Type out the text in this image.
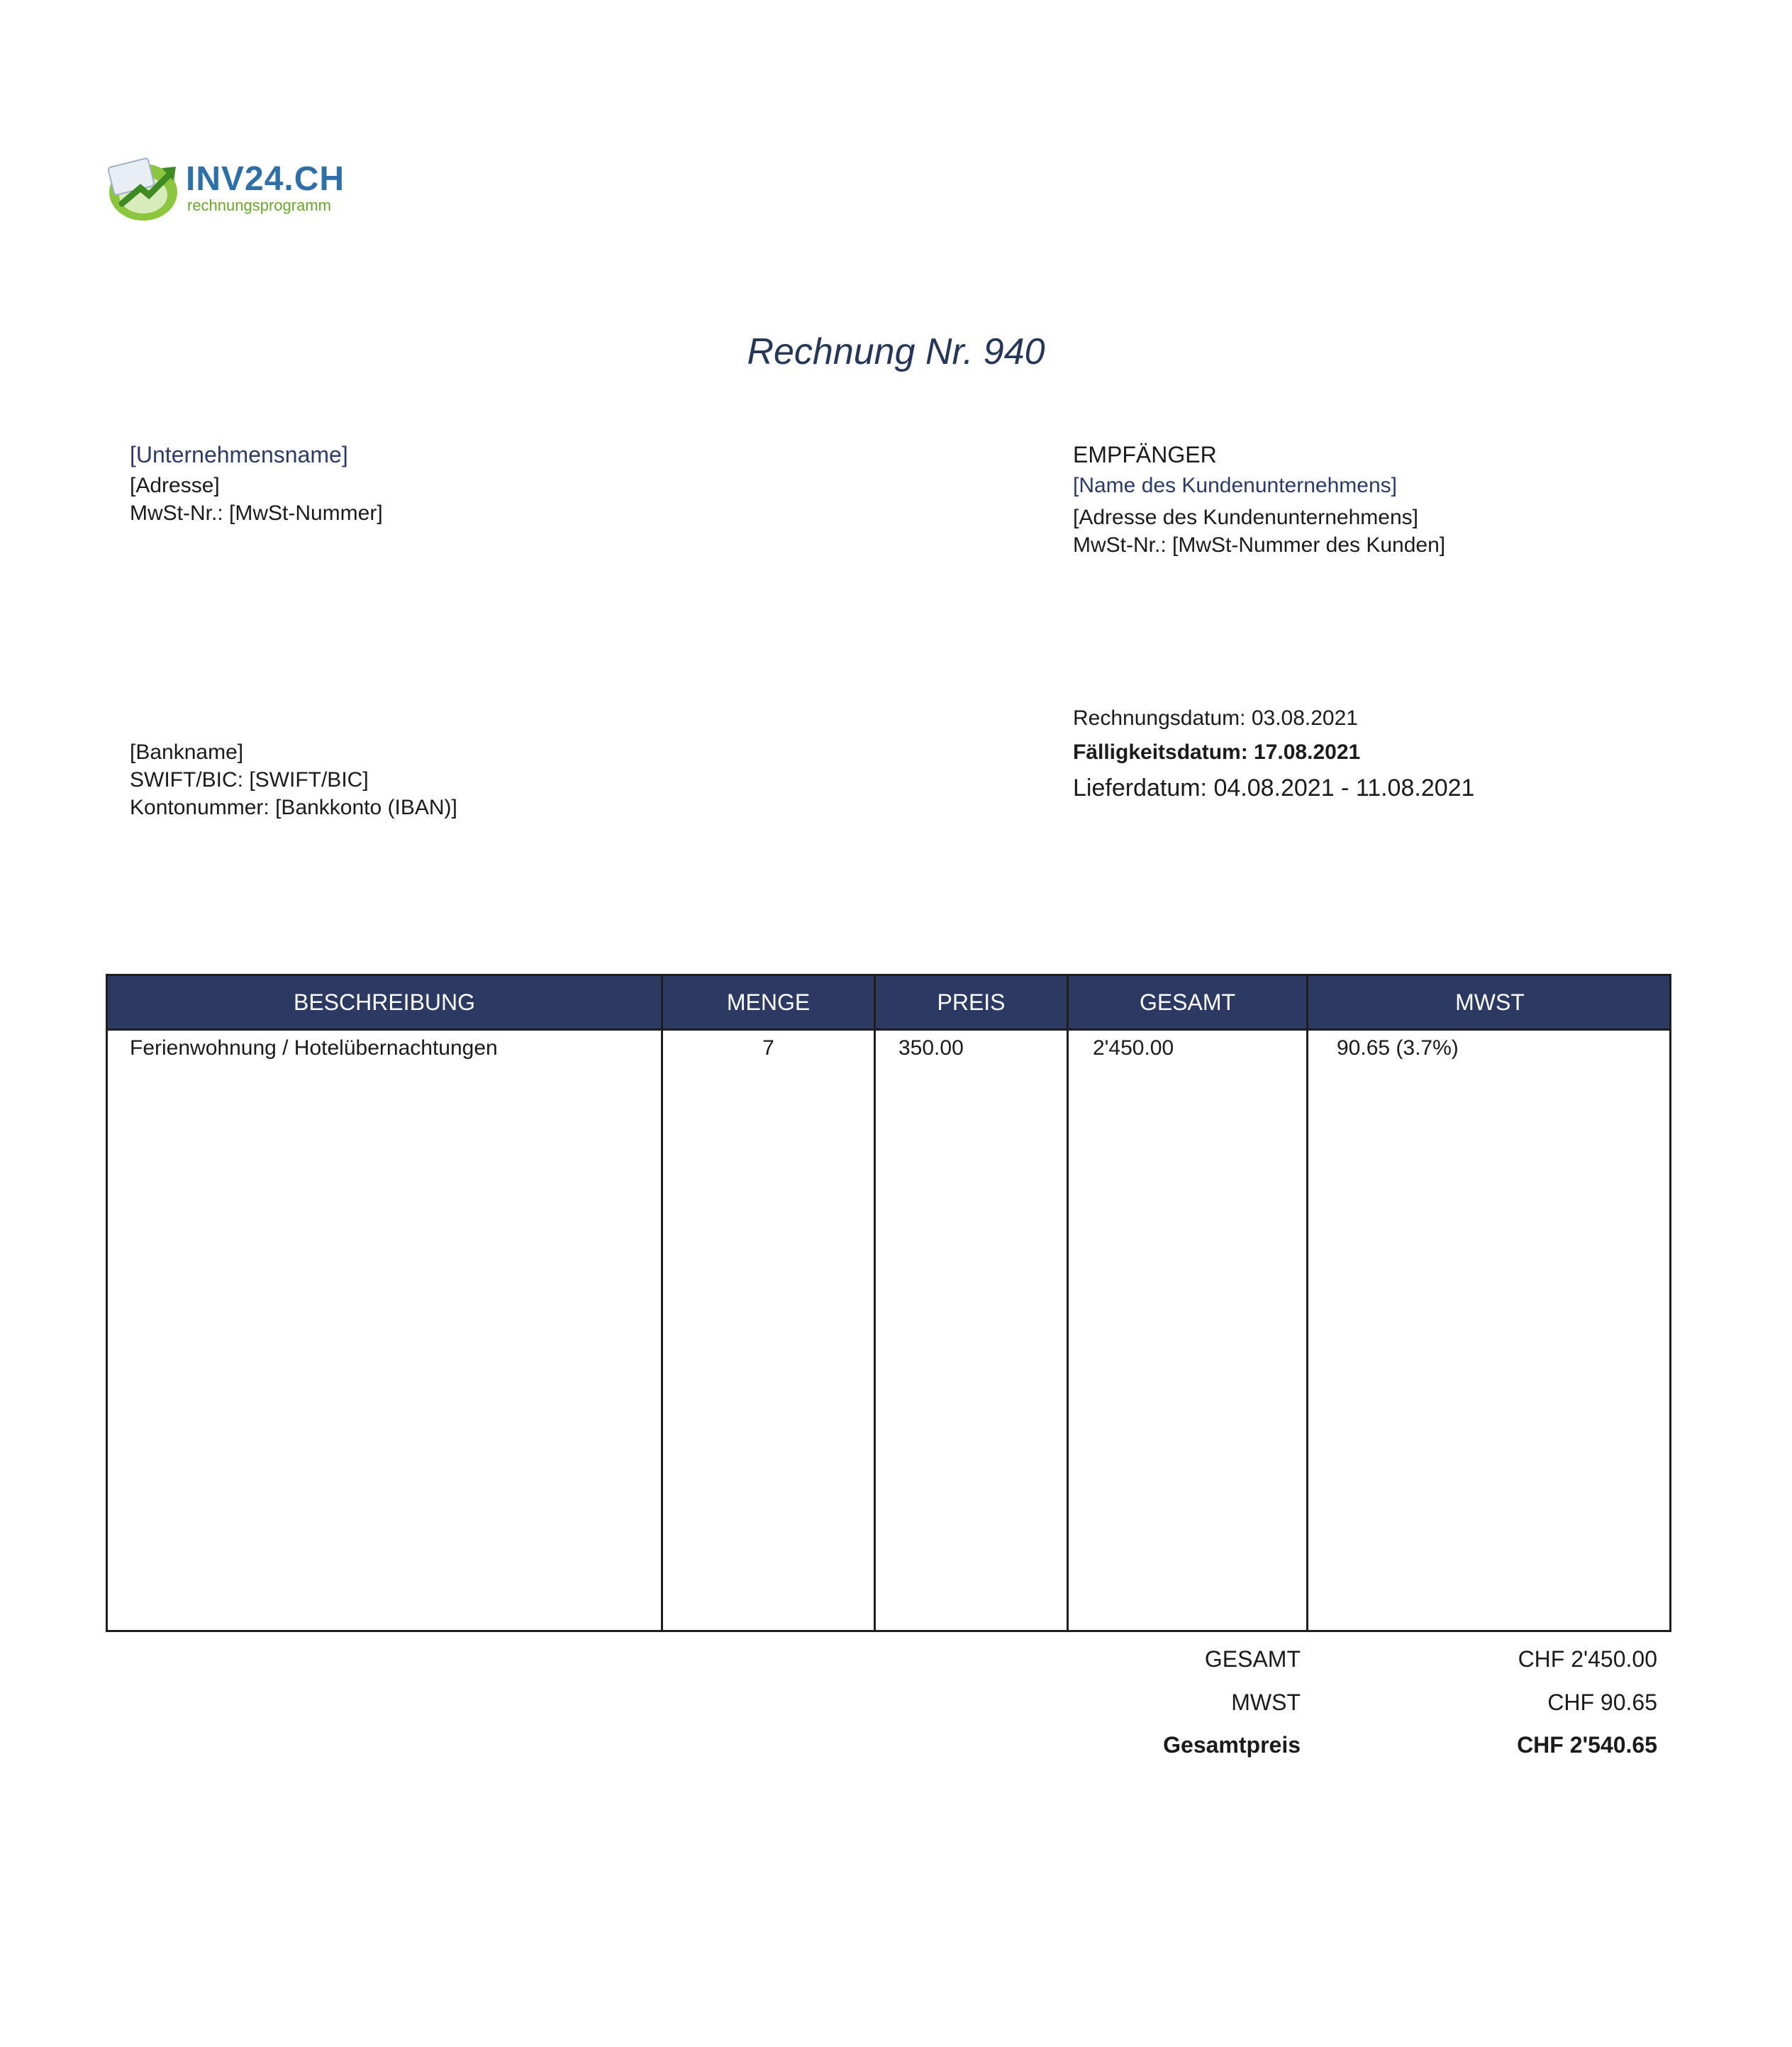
INV24.CH
rechnungsprogramm
Rechnung Nr. 940
[Unternehmensname]
[Adresse]
MwSt-Nr.: [MwSt-Nummer]
EMPFÄNGER
[Name des Kundenunternehmens]
[Adresse des Kundenunternehmens]
MwSt-Nr.: [MwSt-Nummer des Kunden]
[Bankname]
SWIFT/BIC: [SWIFT/BIC]
Kontonummer: [Bankkonto (IBAN)]
Rechnungsdatum: 03.08.2021
Fälligkeitsdatum: 17.08.2021
Lieferdatum: 04.08.2021 - 11.08.2021
BESCHREIBUNG	MENGE	PREIS	GESAMT	MWST
Ferienwohnung / Hotelübernachtungen	7	350.00	2'450.00	90.65 (3.7%)
GESAMT	CHF 2'450.00
MWST	CHF 90.65
Gesamtpreis	CHF 2'540.65
